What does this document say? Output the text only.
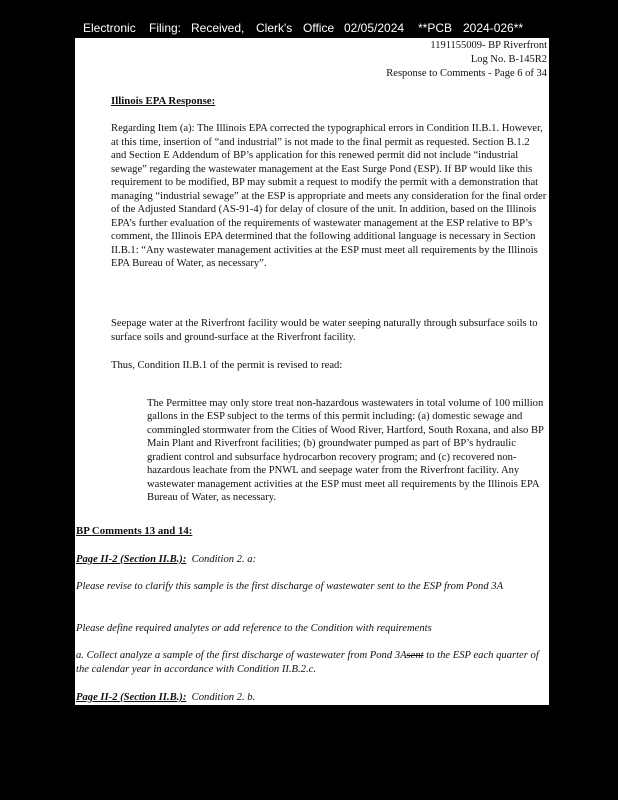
Electronic

Filing:

Received,

Clerk's

Office

02/05/2024

**PCB

2024-026**

1191155009- BP Riverfront
Log No. B-145R2
Response to Comments - Page 6 of 34
Illinois EPA Response:

Regarding Item (a): The Illinois EPA corrected the typographical errors in Condition II.B.1. However, at this time, insertion of “and industrial” is not made to the final permit as requested. Section B.1.2 and Section E Addendum of BP’s application for this renewed permit did not include “industrial sewage” regarding the wastewater management at the East Surge Pond (ESP). If BP would like this requirement to be modified, BP may submit a request to modify the permit with a demonstration that managing “industrial sewage” at the ESP is appropriate and meets any consideration for the final order of the Adjusted Standard (AS-91-4) for delay of closure of the unit. In addition, based on the Illinois EPA’s further evaluation of the requirements of wastewater management at the ESP relative to BP’s comment, the Illinois EPA determined that the following additional language is necessary in Section II.B.1: “Any wastewater management activities at the ESP must meet all requirements by the Illinois EPA Bureau of Water, as necessary”.

Seepage water at the Riverfront facility would be water seeping naturally through subsurface soils to surface soils and ground-surface at the Riverfront facility.

Thus, Condition II.B.1 of the permit is revised to read:

The Permittee may only store treat non-hazardous wastewaters in total volume of 100 million gallons in the ESP subject to the terms of this permit including: (a) domestic sewage and commingled stormwater from the Cities of Wood River, Hartford, South Roxana, and also BP Main Plant and Riverfront facilities; (b) groundwater pumped as part of BP’s hydraulic gradient control and subsurface hydrocarbon recovery program; and (c) recovered non-hazardous leachate from the PNWL and seepage water from the Riverfront facility. Any wastewater management activities at the ESP must meet all requirements by the Illinois EPA Bureau of Water, as necessary.

BP Comments 13 and 14:
Page II-2 (Section II.B.): Condition 2. a:
Please revise to clarify this sample is the first discharge of wastewater sent to the ESP from Pond 3A
Please define required analytes or add reference to the Condition with requirements
a. Collect analyze a sample of the first discharge of wastewater from Pond 3Asent to the ESP each quarter of the calendar year in accordance with Condition II.B.2.c.
Page II-2 (Section II.B.): Condition 2. b.
